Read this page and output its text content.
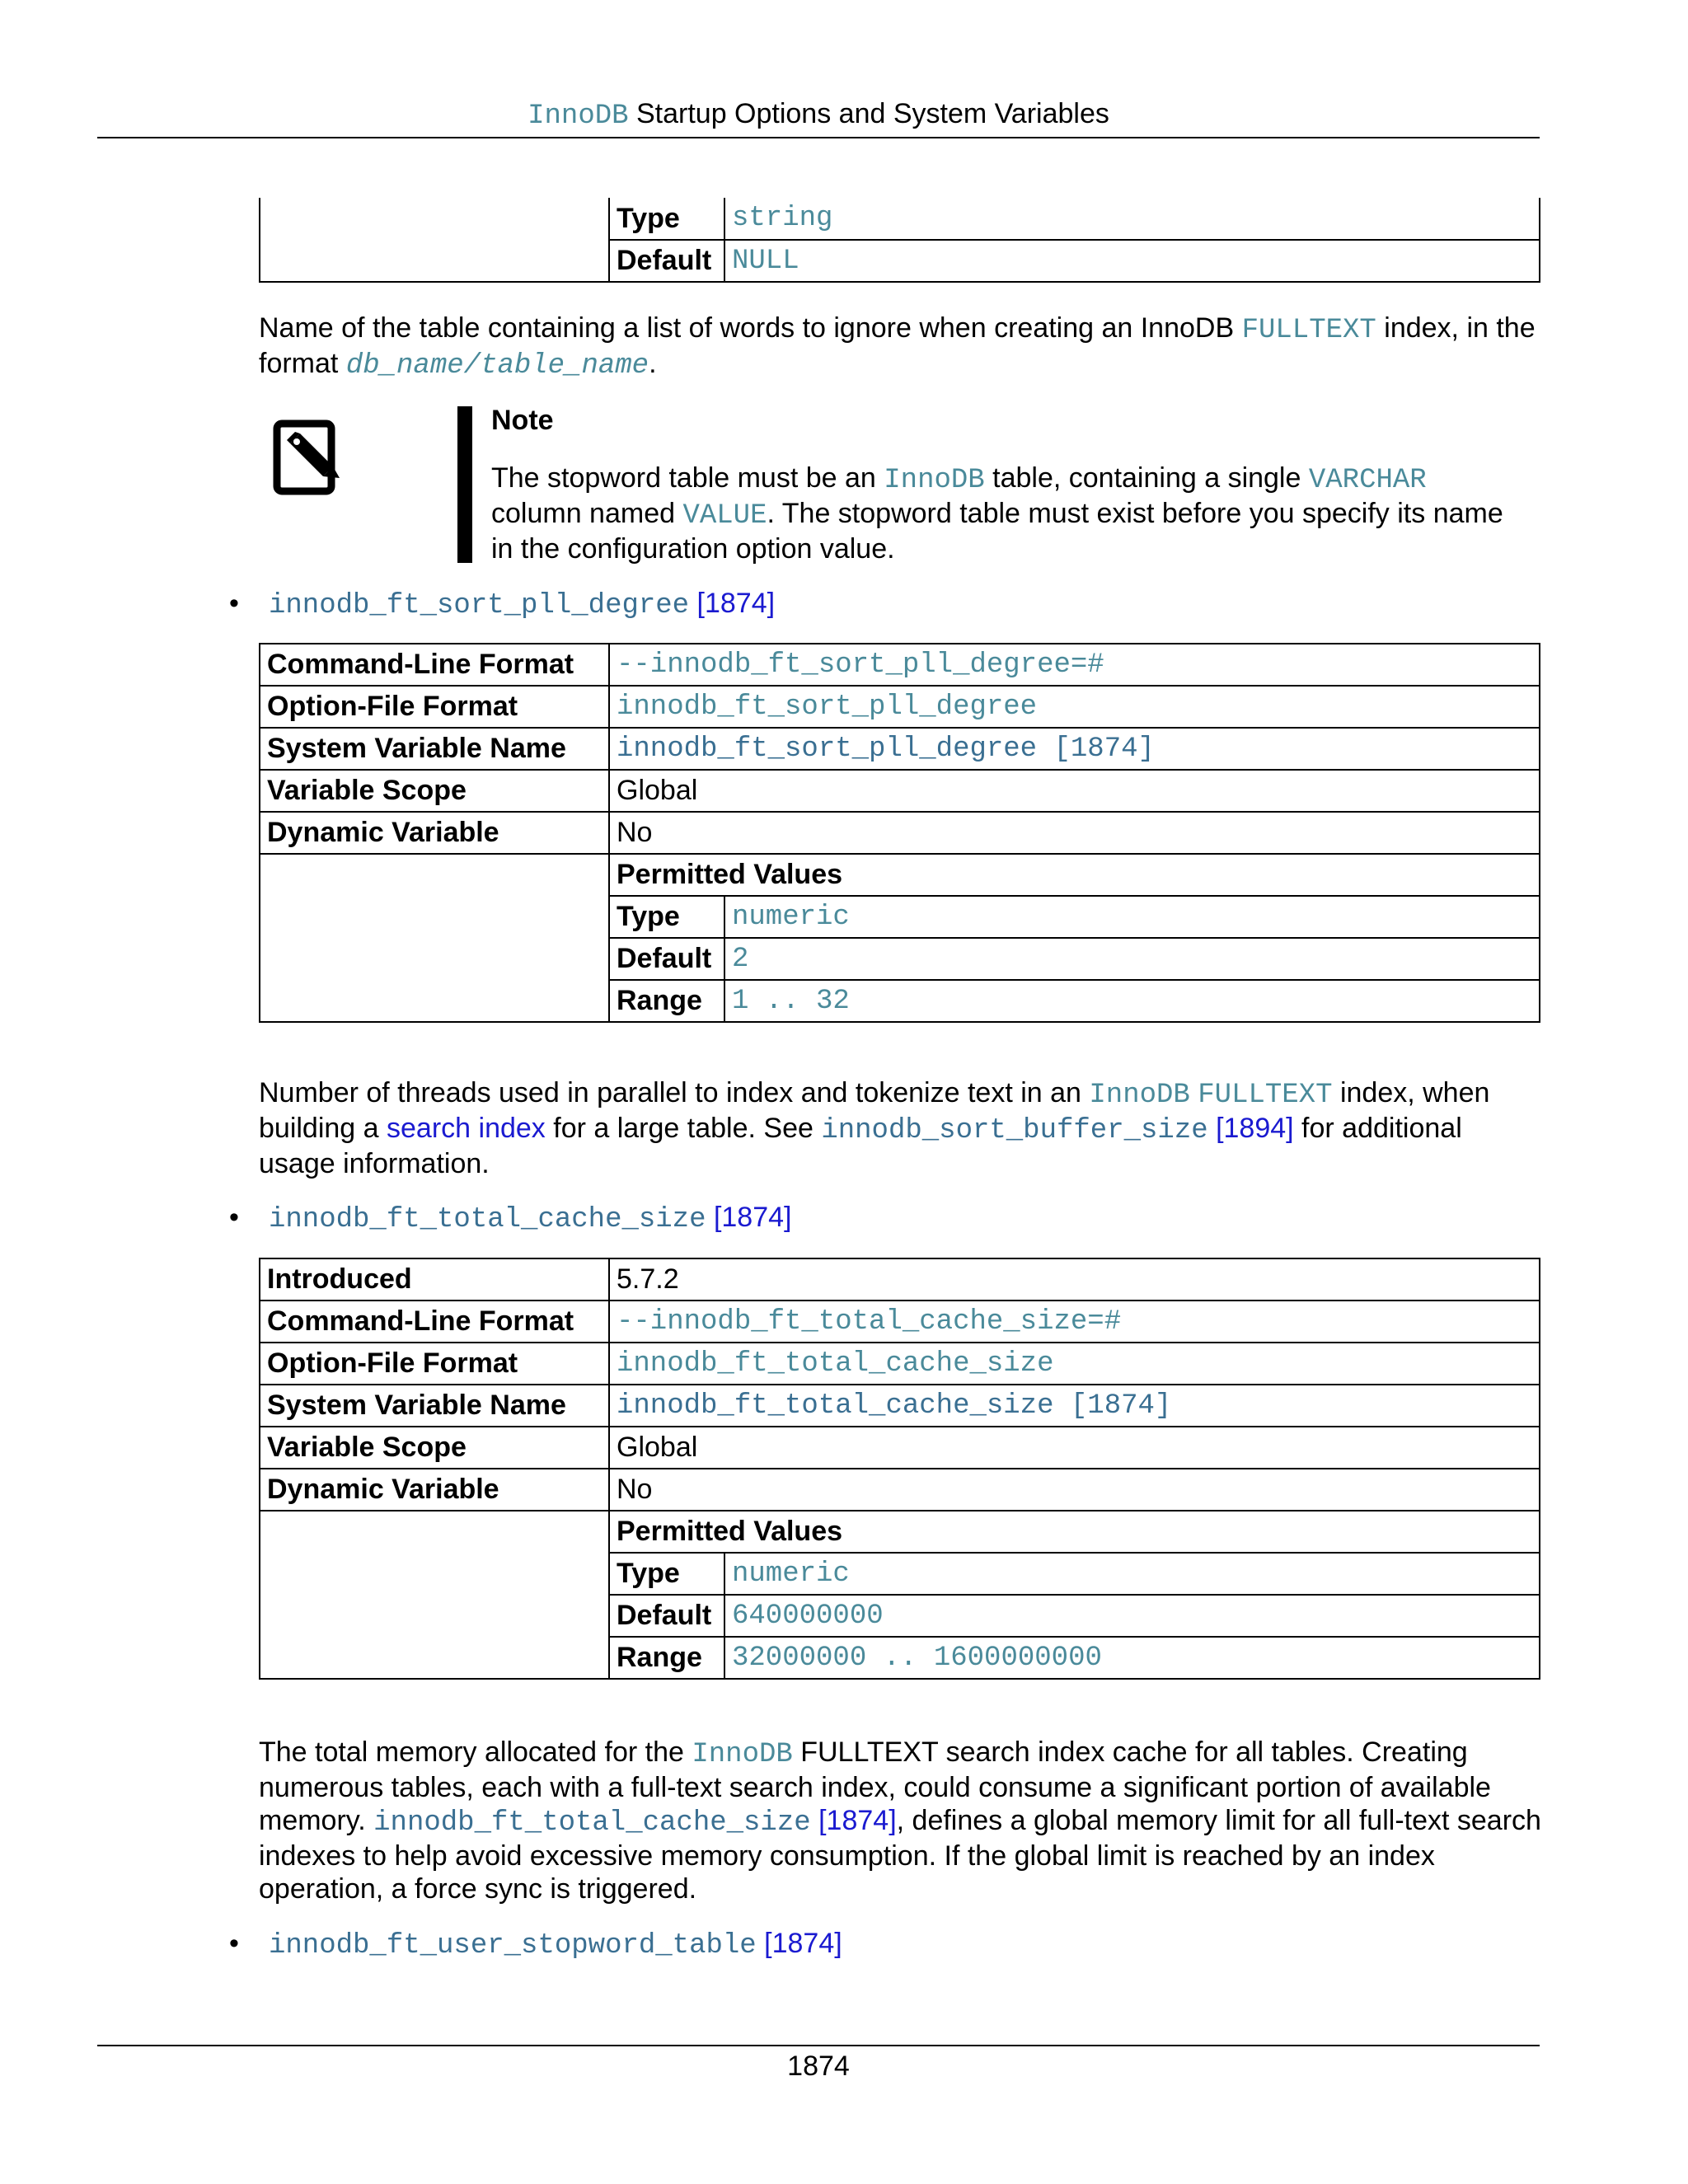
InnoDB Startup Options and System Variables
	Type	string
	Default	NULL
Name of the table containing a list of words to ignore when creating an InnoDB FULLTEXT index, in the format db_name/table_name.
Note
The stopword table must be an InnoDB table, containing a single VARCHAR column named VALUE. The stopword table must exist before you specify its name in the configuration option value.
• innodb_ft_sort_pll_degree [1874]
Command-Line Format	--innodb_ft_sort_pll_degree=#	
Option-File Format	innodb_ft_sort_pll_degree	
System Variable Name	innodb_ft_sort_pll_degree [1874]	
Variable Scope	Global	
Dynamic Variable	No	
	Permitted Values	
	Type	numeric
	Default	2
	Range	1 .. 32
Number of threads used in parallel to index and tokenize text in an InnoDB FULLTEXT index, when building a search index for a large table. See innodb_sort_buffer_size [1894] for additional usage information.
• innodb_ft_total_cache_size [1874]
Introduced	5.7.2	
Command-Line Format	--innodb_ft_total_cache_size=#	
Option-File Format	innodb_ft_total_cache_size	
System Variable Name	innodb_ft_total_cache_size [1874]	
Variable Scope	Global	
Dynamic Variable	No	
	Permitted Values	
	Type	numeric
	Default	640000000
	Range	32000000 .. 1600000000
The total memory allocated for the InnoDB FULLTEXT search index cache for all tables. Creating numerous tables, each with a full-text search index, could consume a significant portion of available memory. innodb_ft_total_cache_size [1874], defines a global memory limit for all full-text search indexes to help avoid excessive memory consumption. If the global limit is reached by an index operation, a force sync is triggered.
• innodb_ft_user_stopword_table [1874]
1874
